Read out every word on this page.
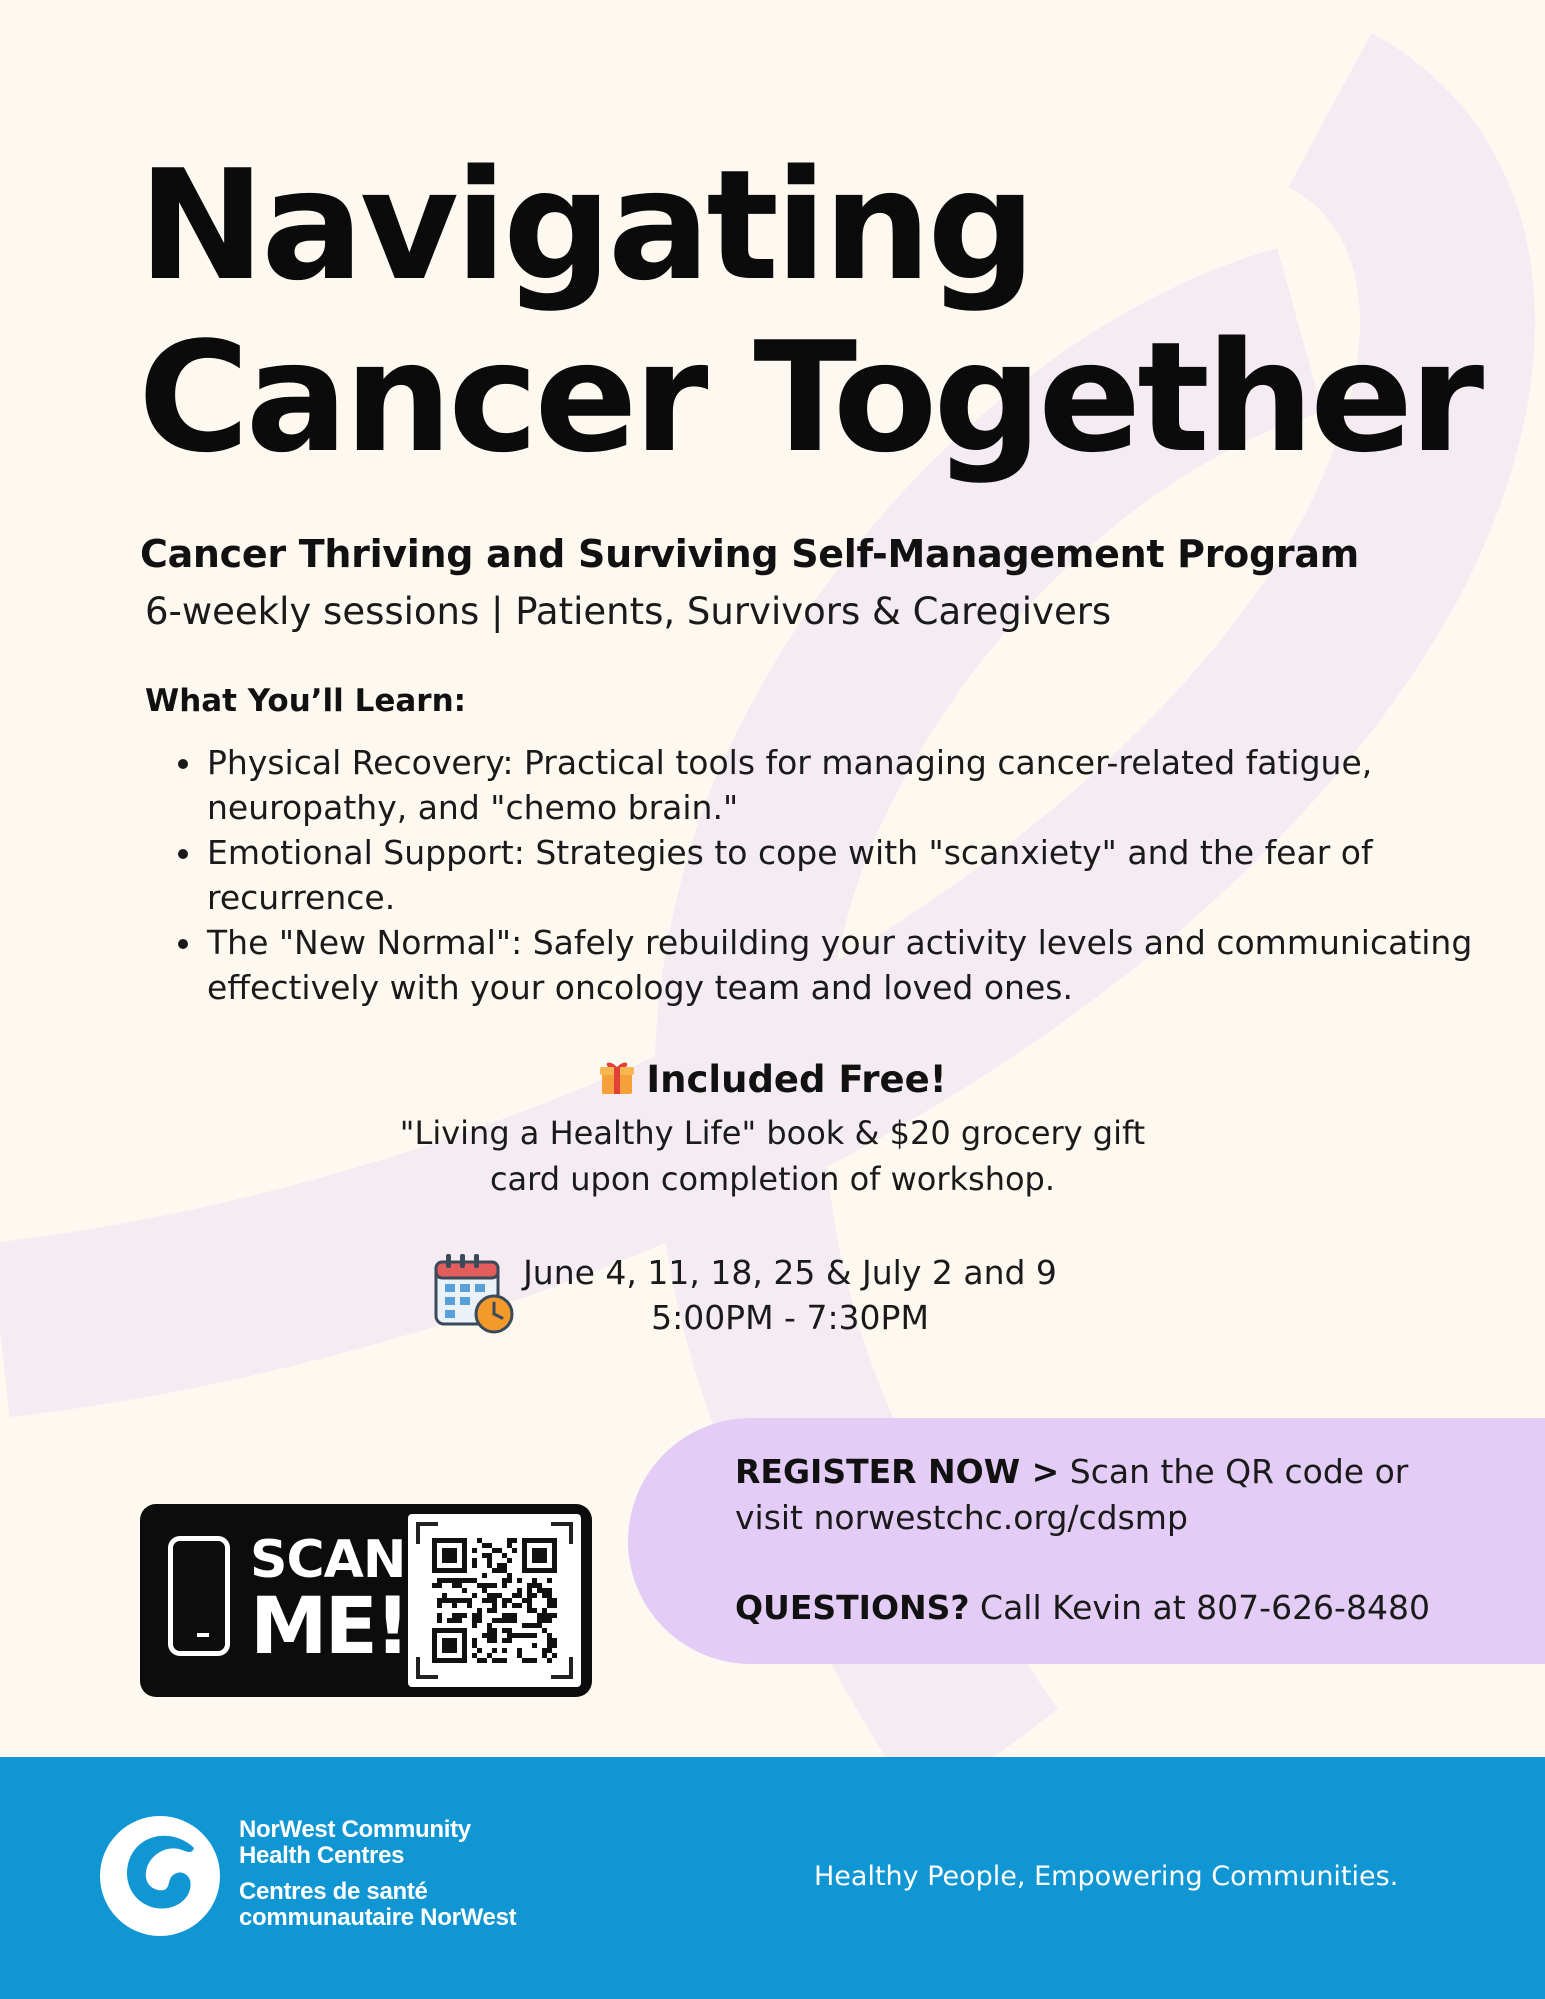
Navigating
Cancer Together
Cancer Thriving and Surviving Self-Management Program
6-weekly sessions | Patients, Survivors & Caregivers
What You’ll Learn:
• Physical Recovery: Practical tools for managing cancer-related fatigue, neuropathy, and "chemo brain."
• Emotional Support: Strategies to cope with "scanxiety" and the fear of recurrence.
• The "New Normal": Safely rebuilding your activity levels and communicating effectively with your oncology team and loved ones.
Included Free!
"Living a Healthy Life" book & $20 grocery gift
card upon completion of workshop.
June 4, 11, 18, 25 & July 2 and 9
5:00PM - 7:30PM
REGISTER NOW > Scan the QR code or
visit norwestchc.org/cdsmp
QUESTIONS? Call Kevin at 807-626-8480
SCAN
ME!
NorWest Community
Health Centres
Centres de santé
communautaire NorWest
Healthy People, Empowering Communities.
